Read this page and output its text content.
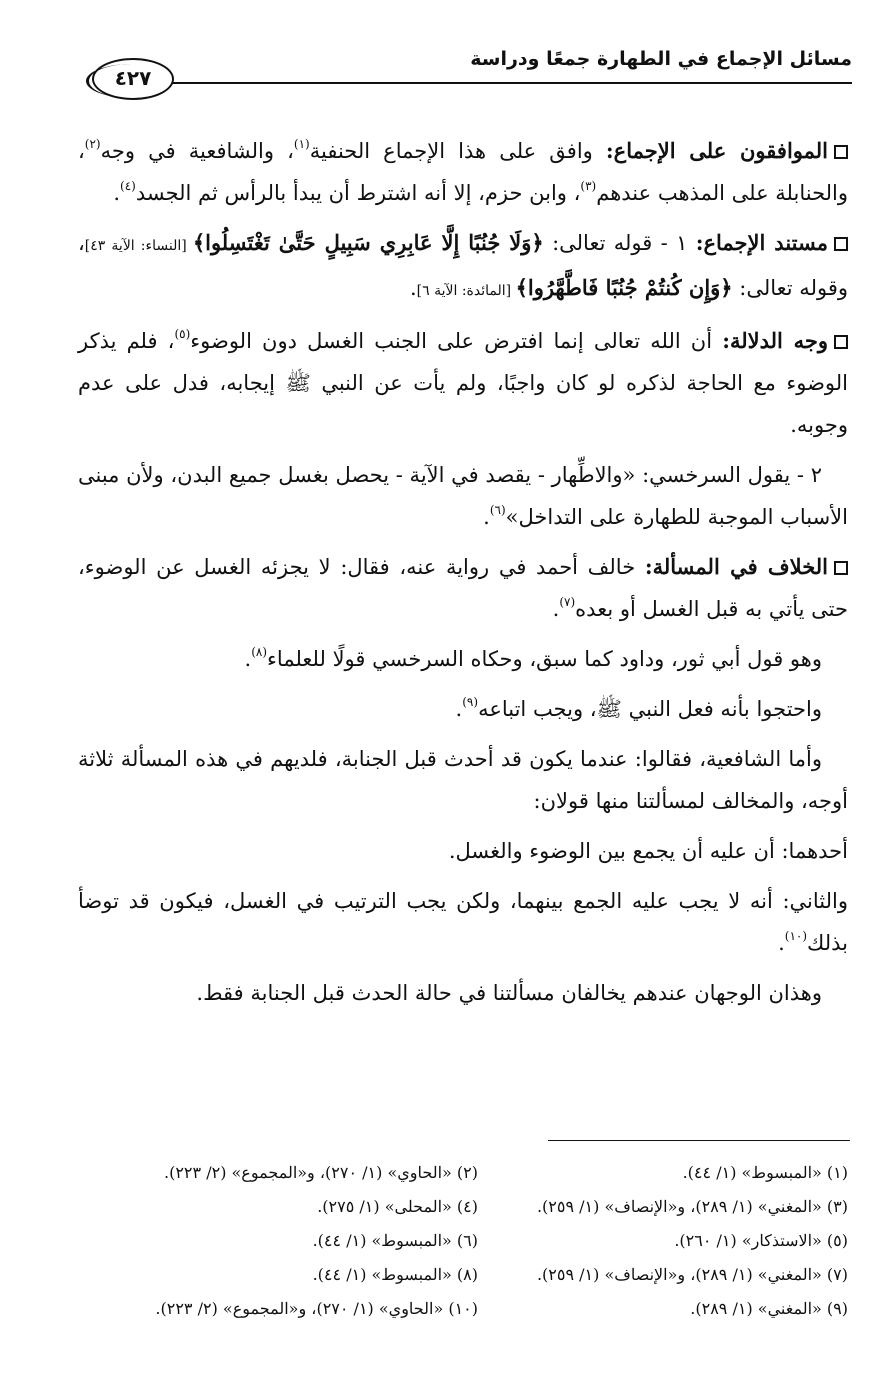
مسائل الإجماع في الطهارة جمعًا ودراسة
٤٢٧

الموافقون على الإجماع: وافق على هذا الإجماع الحنفية$^{(١)}$، والشافعية في وجه$^{(٢)}$، والحنابلة على المذهب عندهم$^{(٣)}$، وابن حزم، إلا أنه اشترط أن يبدأ بالرأس ثم الجسد$^{(٤)}$.

مستند الإجماع: ١ - قوله تعالى: ﴿وَلَا جُنُبًا إِلَّا عَابِرِي سَبِيلٍ حَتَّىٰ تَغْتَسِلُوا﴾ [النساء: الآية ٤٣]، وقوله تعالى: ﴿وَإِن كُنتُمْ جُنُبًا فَاطَّهَّرُوا﴾ [المائدة: الآية ٦].

وجه الدلالة: أن الله تعالى إنما افترض على الجنب الغسل دون الوضوء$^{(٥)}$، فلم يذكر الوضوء مع الحاجة لذكره لو كان واجبًا، ولم يأت عن النبي ﷺ إيجابه، فدل على عدم وجوبه.

٢ - يقول السرخسي: «والاطِّهار - يقصد في الآية - يحصل بغسل جميع البدن، ولأن مبنى الأسباب الموجبة للطهارة على التداخل»$^{(٦)}$.

الخلاف في المسألة: خالف أحمد في رواية عنه، فقال: لا يجزئه الغسل عن الوضوء، حتى يأتي به قبل الغسل أو بعده$^{(٧)}$.

وهو قول أبي ثور، وداود كما سبق، وحكاه السرخسي قولًا للعلماء$^{(٨)}$.

واحتجوا بأنه فعل النبي ﷺ، ويجب اتباعه$^{(٩)}$.

وأما الشافعية، فقالوا: عندما يكون قد أحدث قبل الجنابة، فلديهم في هذه المسألة ثلاثة أوجه، والمخالف لمسألتنا منها قولان:

أحدهما: أن عليه أن يجمع بين الوضوء والغسل.

والثاني: أنه لا يجب عليه الجمع بينهما، ولكن يجب الترتيب في الغسل، فيكون قد توضأ بذلك$^{(١٠)}$.

وهذان الوجهان عندهم يخالفان مسألتنا في حالة الحدث قبل الجنابة فقط.

(١) «المبسوط» (١/ ٤٤).
(٢) «الحاوي» (١/ ٢٧٠)، و«المجموع» (٢/ ٢٢٣).
(٣) «المغني» (١/ ٢٨٩)، و«الإنصاف» (١/ ٢٥٩).
(٤) «المحلى» (١/ ٢٧٥).
(٥) «الاستذكار» (١/ ٢٦٠).
(٦) «المبسوط» (١/ ٤٤).
(٧) «المغني» (١/ ٢٨٩)، و«الإنصاف» (١/ ٢٥٩).
(٨) «المبسوط» (١/ ٤٤).
(٩) «المغني» (١/ ٢٨٩).
(١٠) «الحاوي» (١/ ٢٧٠)، و«المجموع» (٢/ ٢٢٣).
